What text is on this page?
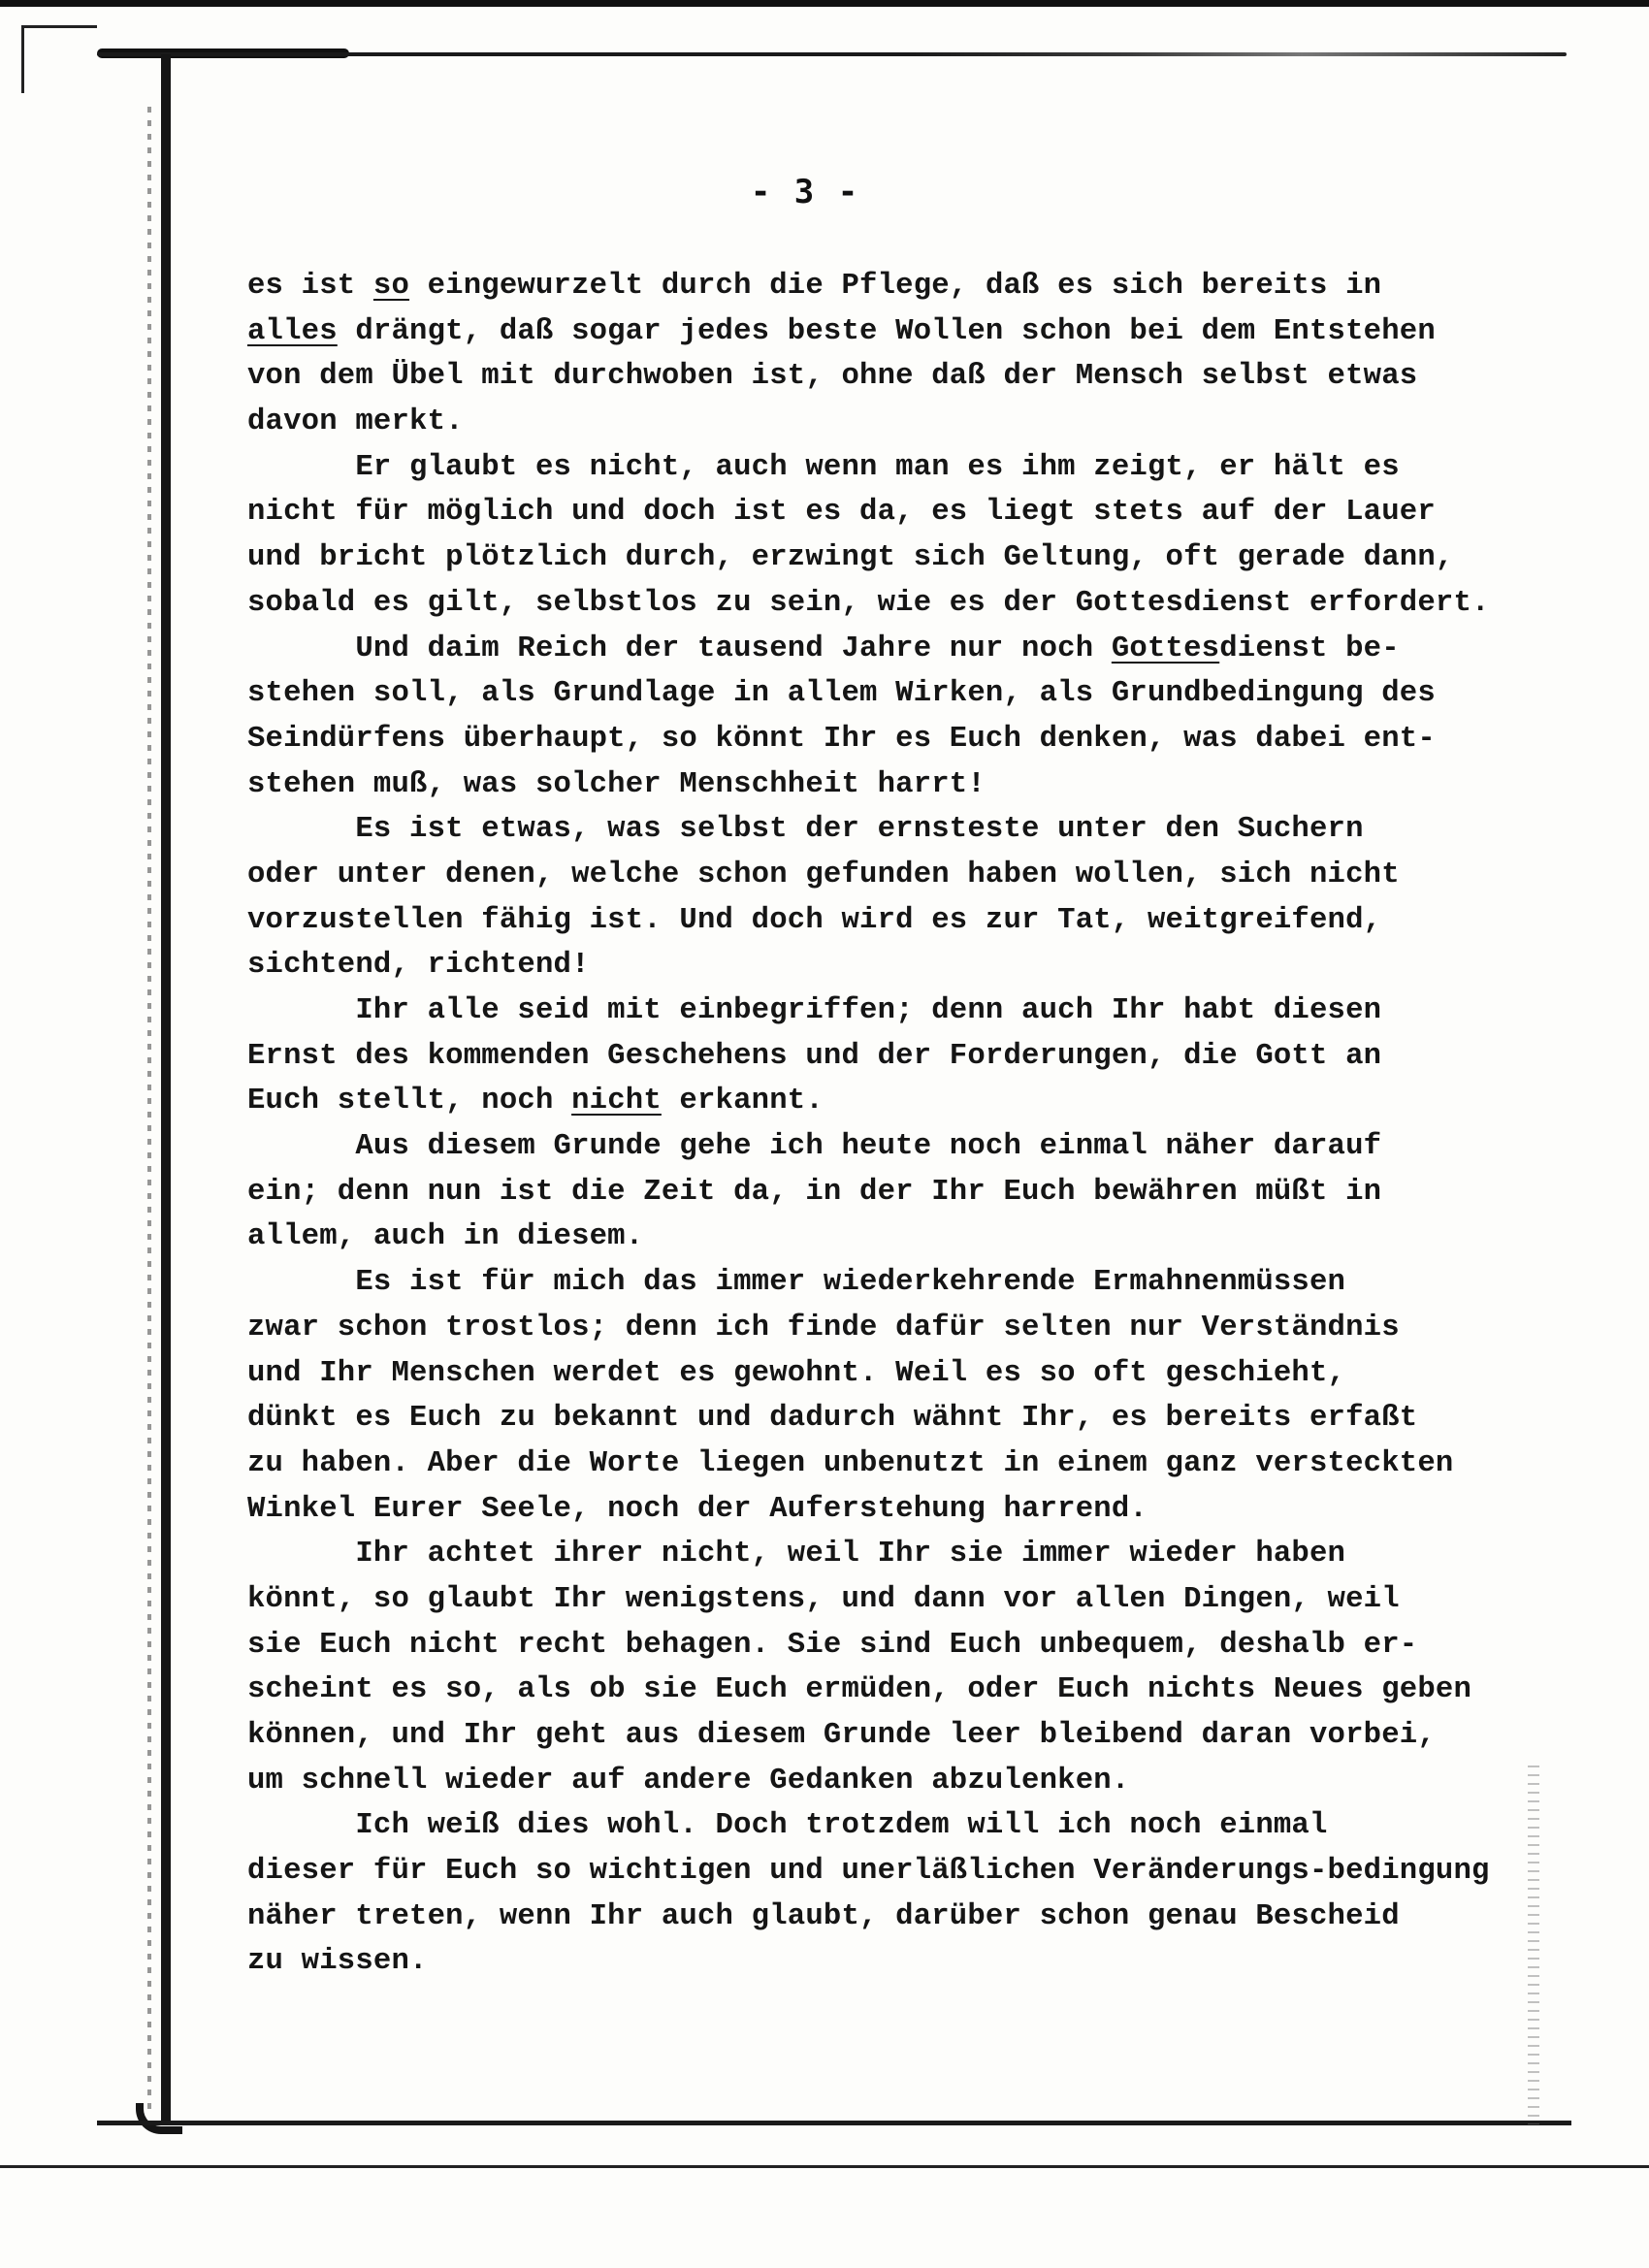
- 3 -
es ist so eingewurzelt durch die Pflege, daß es sich bereits in
alles drängt, daß sogar jedes beste Wollen schon bei dem Entstehen
von dem Übel mit durchwoben ist, ohne daß der Mensch selbst etwas
davon merkt.
Er glaubt es nicht, auch wenn man es ihm zeigt, er hält es
nicht für möglich und doch ist es da, es liegt stets auf der Lauer
und bricht plötzlich durch, erzwingt sich Geltung, oft gerade dann,
sobald es gilt, selbstlos zu sein, wie es der Gottesdienst erfordert.
Und daim Reich der tausend Jahre nur noch Gottesdienst be-
stehen soll, als Grundlage in allem Wirken, als Grundbedingung des
Seindürfens überhaupt, so könnt Ihr es Euch denken, was dabei ent-
stehen muß, was solcher Menschheit harrt!
Es ist etwas, was selbst der ernsteste unter den Suchern
oder unter denen, welche schon gefunden haben wollen, sich nicht
vorzustellen fähig ist. Und doch wird es zur Tat, weitgreifend,
sichtend, richtend!
Ihr alle seid mit einbegriffen; denn auch Ihr habt diesen
Ernst des kommenden Geschehens und der Forderungen, die Gott an
Euch stellt, noch nicht erkannt.
Aus diesem Grunde gehe ich heute noch einmal näher darauf
ein; denn nun ist die Zeit da, in der Ihr Euch bewähren müßt in
allem, auch in diesem.
Es ist für mich das immer wiederkehrende Ermahnenmüssen
zwar schon trostlos; denn ich finde dafür selten nur Verständnis
und Ihr Menschen werdet es gewohnt. Weil es so oft geschieht,
dünkt es Euch zu bekannt und dadurch wähnt Ihr, es bereits erfaßt
zu haben. Aber die Worte liegen unbenutzt in einem ganz versteckten
Winkel Eurer Seele, noch der Auferstehung harrend.
Ihr achtet ihrer nicht, weil Ihr sie immer wieder haben
könnt, so glaubt Ihr wenigstens, und dann vor allen Dingen, weil
sie Euch nicht recht behagen. Sie sind Euch unbequem, deshalb er-
scheint es so, als ob sie Euch ermüden, oder Euch nichts Neues geben
können, und Ihr geht aus diesem Grunde leer bleibend daran vorbei,
um schnell wieder auf andere Gedanken abzulenken.
Ich weiß dies wohl. Doch trotzdem will ich noch einmal
dieser für Euch so wichtigen und unerläßlichen Veränderungs-bedingung
näher treten, wenn Ihr auch glaubt, darüber schon genau Bescheid
zu wissen.
